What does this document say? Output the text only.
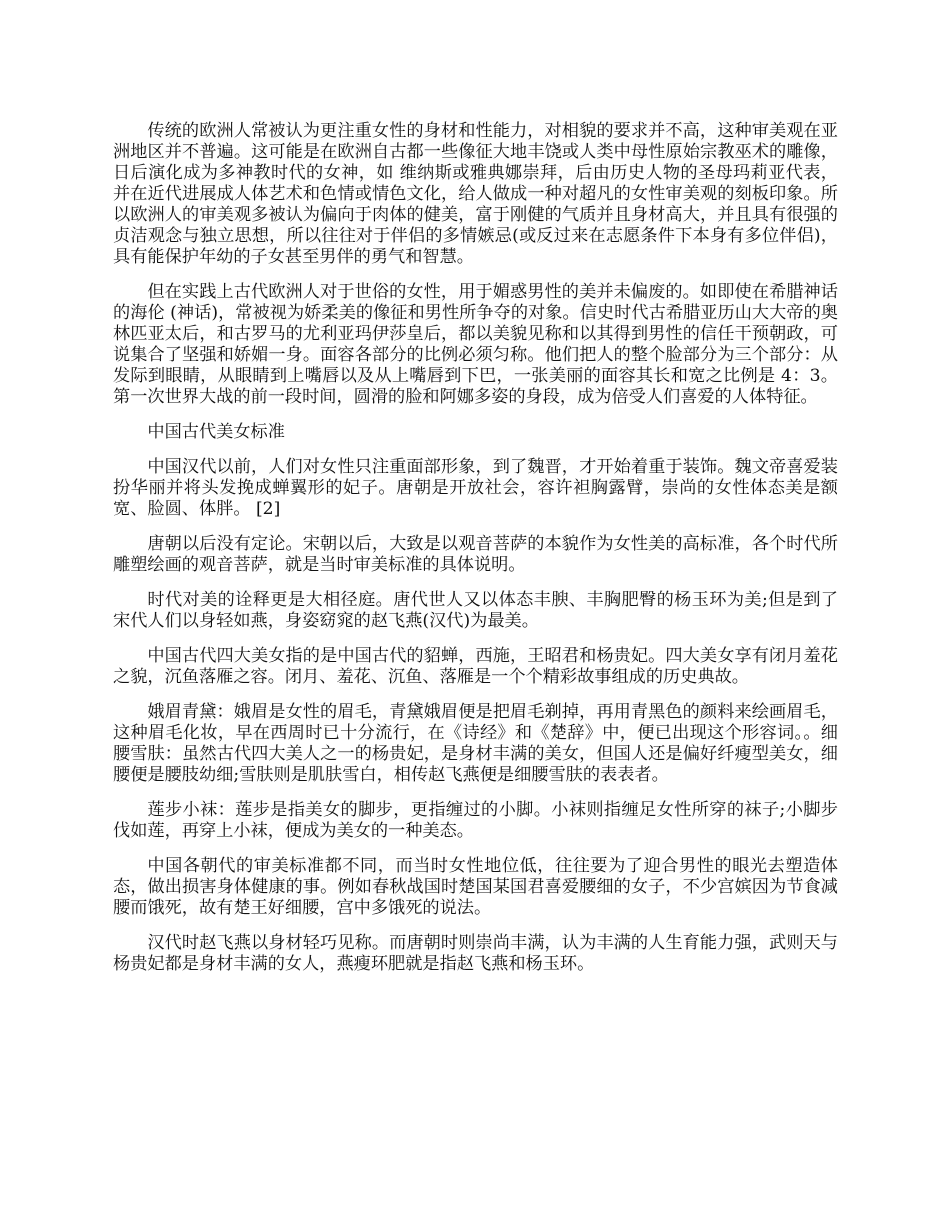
传统的欧洲人常被认为更注重女性的身材和性能力，对相貌的要求并不高，这种审美观在亚洲地区并不普遍。这可能是在欧洲自古都一些像征大地丰饶或人类中母性原始宗教巫术的雕像，日后演化成为多神教时代的女神，如 维纳斯或雅典娜崇拜，后由历史人物的圣母玛莉亚代表，并在近代进展成人体艺术和色情或情色文化，给人做成一种对超凡的女性审美观的刻板印象。所以欧洲人的审美观多被认为偏向于肉体的健美，富于刚健的气质并且身材高大，并且具有很强的贞洁观念与独立思想，所以往往对于伴侣的多情嫉忌(或反过来在志愿条件下本身有多位伴侣)，具有能保护年幼的子女甚至男伴的勇气和智慧。

但在实践上古代欧洲人对于世俗的女性，用于媚惑男性的美并未偏废的。如即使在希腊神话的海伦 (神话)，常被视为娇柔美的像征和男性所争夺的对象。信史时代古希腊亚历山大大帝的奥林匹亚太后，和古罗马的尤利亚玛伊莎皇后，都以美貌见称和以其得到男性的信任干预朝政，可说集合了坚强和娇媚一身。面容各部分的比例必须匀称。他们把人的整个脸部分为三个部分：从发际到眼睛，从眼睛到上嘴唇以及从上嘴唇到下巴，一张美丽的面容其长和宽之比例是 4：3。第一次世界大战的前一段时间，圆滑的脸和阿娜多姿的身段，成为倍受人们喜爱的人体特征。

中国古代美女标准

中国汉代以前，人们对女性只注重面部形象，到了魏晋，才开始着重于装饰。魏文帝喜爱装扮华丽并将头发挽成蝉翼形的妃子。唐朝是开放社会，容许袒胸露臂，崇尚的女性体态美是额宽、脸圆、体胖。 [2]

唐朝以后没有定论。宋朝以后，大致是以观音菩萨的本貌作为女性美的高标准，各个时代所雕塑绘画的观音菩萨，就是当时审美标准的具体说明。

时代对美的诠释更是大相径庭。唐代世人又以体态丰腴、丰胸肥臀的杨玉环为美;但是到了宋代人们以身轻如燕，身姿窈窕的赵飞燕(汉代)为最美。

中国古代四大美女指的是中国古代的貂蝉，西施，王昭君和杨贵妃。四大美女享有闭月羞花之貌，沉鱼落雁之容。闭月、羞花、沉鱼、落雁是一个个精彩故事组成的历史典故。

娥眉青黛：娥眉是女性的眉毛，青黛娥眉便是把眉毛剃掉，再用青黑色的颜料来绘画眉毛，这种眉毛化妆，早在西周时已十分流行，在《诗经》和《楚辞》中，便已出现这个形容词。。细腰雪肤：虽然古代四大美人之一的杨贵妃，是身材丰满的美女，但国人还是偏好纤瘦型美女，细腰便是腰肢幼细;雪肤则是肌肤雪白，相传赵飞燕便是细腰雪肤的表表者。

莲步小袜：莲步是指美女的脚步，更指缠过的小脚。小袜则指缠足女性所穿的袜子;小脚步伐如莲，再穿上小袜，便成为美女的一种美态。

中国各朝代的审美标准都不同，而当时女性地位低，往往要为了迎合男性的眼光去塑造体态，做出损害身体健康的事。例如春秋战国时楚国某国君喜爱腰细的女子，不少宫嫔因为节食减腰而饿死，故有楚王好细腰，宫中多饿死的说法。

汉代时赵飞燕以身材轻巧见称。而唐朝时则崇尚丰满，认为丰满的人生育能力强，武则天与杨贵妃都是身材丰满的女人，燕瘦环肥就是指赵飞燕和杨玉环。
